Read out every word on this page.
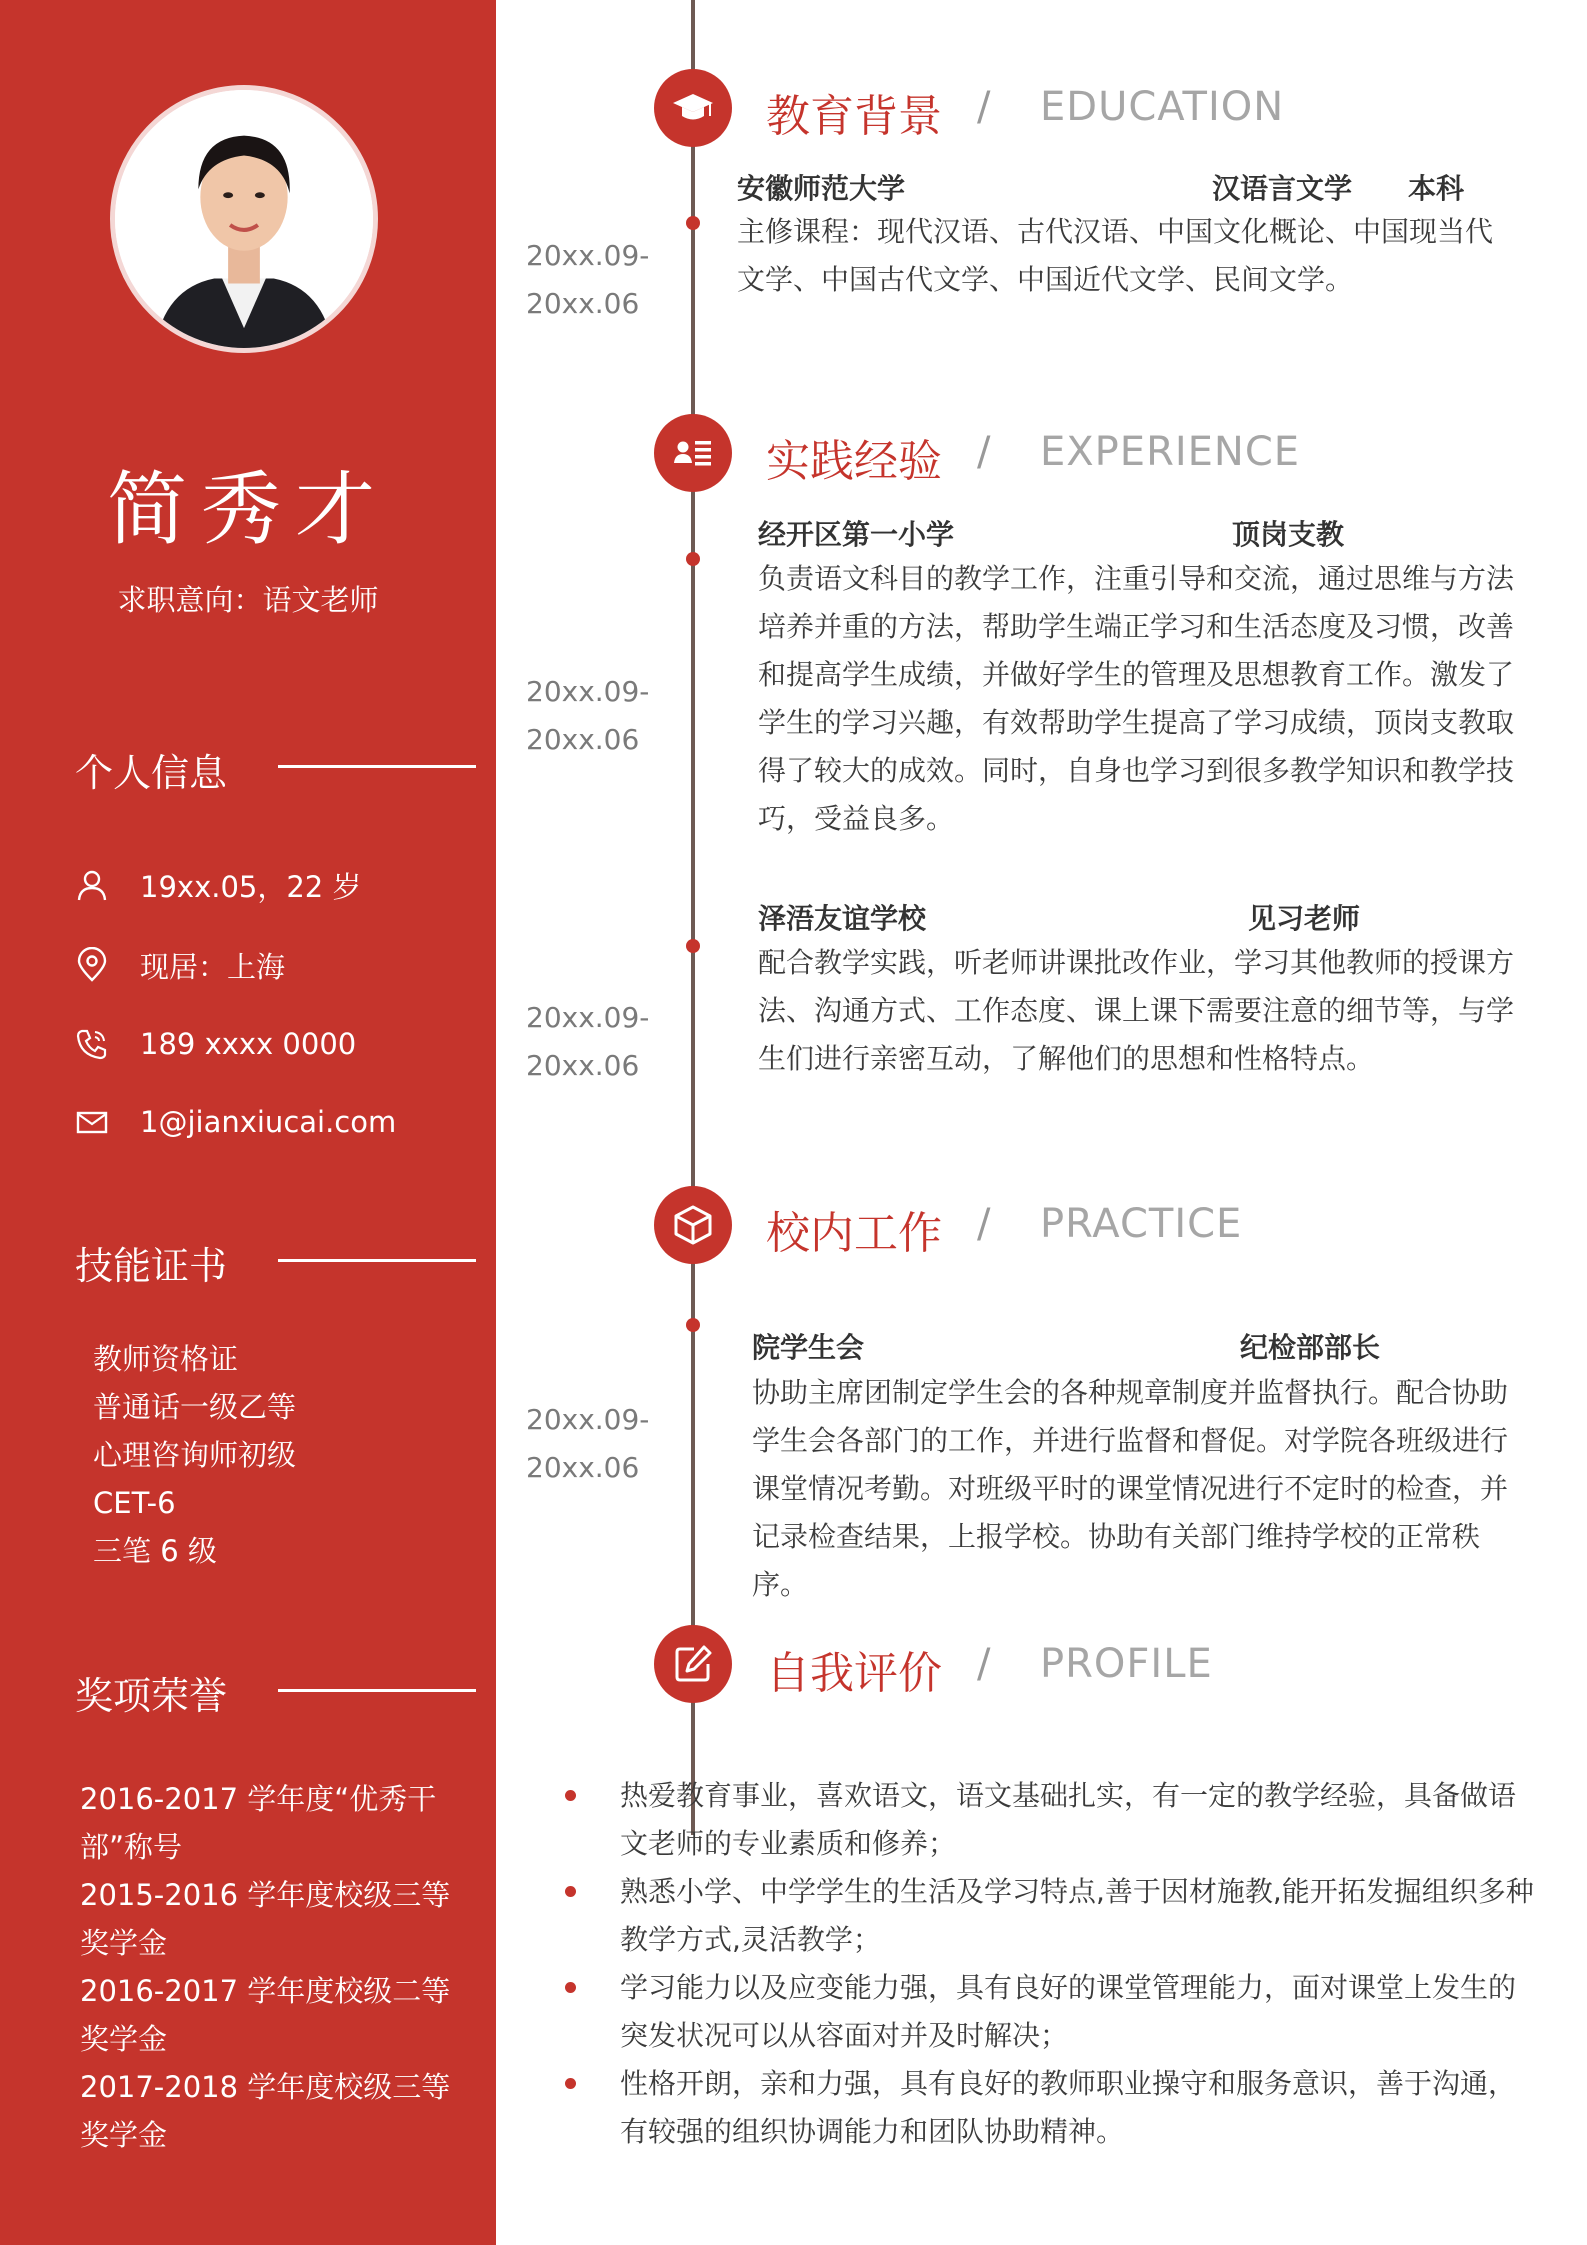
简秀才
求职意向：语文老师
个人信息
19xx.05，22 岁
现居：上海
189 xxxx 0000
1@jianxiucai.com
技能证书
教师资格证
普通话一级乙等
心理咨询师初级
CET-6
三笔 6 级
奖项荣誉
2016-2017 学年度“优秀干部”称号
2015-2016 学年度校级三等奖学金
2016-2017 学年度校级二等奖学金
2017-2018 学年度校级三等奖学金
教育背景 / EDUCATION
20xx.09-
20xx.06
安徽师范大学	汉语言文学 本科
主修课程：现代汉语、古代汉语、中国文化概论、中国现当代文学、中国古代文学、中国近代文学、民间文学。
实践经验 / EXPERIENCE
20xx.09-
20xx.06
经开区第一小学	顶岗支教
负责语文科目的教学工作，注重引导和交流，通过思维与方法培养并重的方法，帮助学生端正学习和生活态度及习惯，改善和提高学生成绩，并做好学生的管理及思想教育工作。激发了学生的学习兴趣，有效帮助学生提高了学习成绩，顶岗支教取得了较大的成效。同时，自身也学习到很多教学知识和教学技巧，受益良多。
20xx.09-
20xx.06
泽浯友谊学校	见习老师
配合教学实践，听老师讲课批改作业，学习其他教师的授课方法、沟通方式、工作态度、课上课下需要注意的细节等，与学生们进行亲密互动，了解他们的思想和性格特点。
校内工作 / PRACTICE
20xx.09-
20xx.06
院学生会	纪检部部长
协助主席团制定学生会的各种规章制度并监督执行。配合协助学生会各部门的工作，并进行监督和督促。对学院各班级进行课堂情况考勤。对班级平时的课堂情况进行不定时的检查，并记录检查结果，上报学校。协助有关部门维持学校的正常秩序。
自我评价 / PROFILE
热爱教育事业，喜欢语文，语文基础扎实，有一定的教学经验，具备做语文老师的专业素质和修养；
熟悉小学、中学学生的生活及学习特点,善于因材施教,能开拓发掘组织多种教学方式,灵活教学；
学习能力以及应变能力强，具有良好的课堂管理能力，面对课堂上发生的突发状况可以从容面对并及时解决；
性格开朗，亲和力强，具有良好的教师职业操守和服务意识，善于沟通，有较强的组织协调能力和团队协助精神。
